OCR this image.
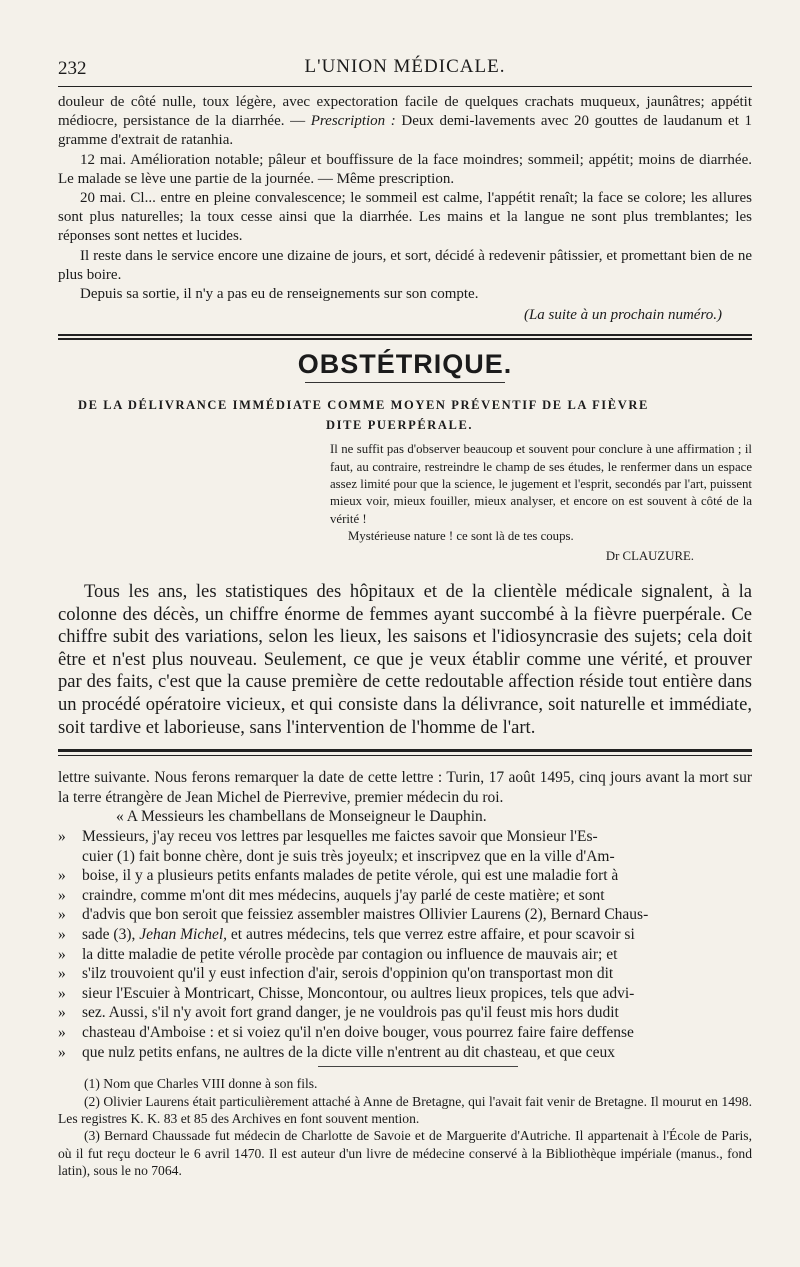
232	L'UNION MÉDICALE.

douleur de côté nulle, toux légère, avec expectoration facile de quelques crachats muqueux, jaunâtres; appétit médiocre, persistance de la diarrhée. — Prescription : Deux demi-lavements avec 20 gouttes de laudanum et 1 gramme d'extrait de ratanhia.

12 mai. Amélioration notable; pâleur et bouffissure de la face moindres; sommeil; appétit; moins de diarrhée. Le malade se lève une partie de la journée. — Même prescription.

20 mai. Cl... entre en pleine convalescence; le sommeil est calme, l'appétit renaît; la face se colore; les allures sont plus naturelles; la toux cesse ainsi que la diarrhée. Les mains et la langue ne sont plus tremblantes; les réponses sont nettes et lucides.

Il reste dans le service encore une dizaine de jours, et sort, décidé à redevenir pâtissier, et promettant bien de ne plus boire.

Depuis sa sortie, il n'y a pas eu de renseignements sur son compte.

(La suite à un prochain numéro.)
OBSTÉTRIQUE.
DE LA DÉLIVRANCE IMMÉDIATE COMME MOYEN PRÉVENTIF DE LA FIÈVRE
DITE PUERPÉRALE.

Il ne suffit pas d'observer beaucoup et souvent pour conclure à une affirmation ; il faut, au contraire, restreindre le champ de ses études, le renfermer dans un espace assez limité pour que la science, le jugement et l'esprit, secondés par l'art, puissent mieux voir, mieux fouiller, mieux analyser, et encore on est souvent à côté de la vérité !

Mystérieuse nature ! ce sont là de tes coups.

Dr CLAUZURE.

Tous les ans, les statistiques des hôpitaux et de la clientèle médicale signalent, à la colonne des décès, un chiffre énorme de femmes ayant succombé à la fièvre puerpérale. Ce chiffre subit des variations, selon les lieux, les saisons et l'idiosyncrasie des sujets; cela doit être et n'est plus nouveau. Seulement, ce que je veux établir comme une vérité, et prouver par des faits, c'est que la cause première de cette redoutable affection réside tout entière dans un procédé opératoire vicieux, et qui consiste dans la délivrance, soit naturelle et immédiate, soit tardive et laborieuse, sans l'intervention de l'homme de l'art.

lettre suivante. Nous ferons remarquer la date de cette lettre : Turin, 17 août 1495, cinq jours avant la mort sur la terre étrangère de Jean Michel de Pierrevive, premier médecin du roi.

« A Messieurs les chambellans de Monseigneur le Dauphin.

» Messieurs, j'ay receu vos lettres par lesquelles me faictes savoir que Monsieur l'Es-

cuier (1) fait bonne chère, dont je suis très joyeulx; et inscripvez que en la ville d'Am-

» boise, il y a plusieurs petits enfants malades de petite vérole, qui est une maladie fort à

» craindre, comme m'ont dit mes médecins, auquels j'ay parlé de ceste matière; et sont

» d'advis que bon seroit que feissiez assembler maistres Ollivier Laurens (2), Bernard Chaus-

» sade (3), Jehan Michel, et autres médecins, tels que verrez estre affaire, et pour scavoir si

» la ditte maladie de petite vérolle procède par contagion ou influence de mauvais air; et

» s'ilz trouvoient qu'il y eust infection d'air, serois d'oppinion qu'on transportast mon dit

» sieur l'Escuier à Montricart, Chisse, Moncontour, ou aultres lieux propices, tels que advi-

» sez. Aussi, s'il n'y avoit fort grand danger, je ne vouldrois pas qu'il feust mis hors dudit

» chasteau d'Amboise : et si voiez qu'il n'en doive bouger, vous pourrez faire faire deffense

» que nulz petits enfans, ne aultres de la dicte ville n'entrent au dit chasteau, et que ceux

(1) Nom que Charles VIII donne à son fils.

(2) Olivier Laurens était particulièrement attaché à Anne de Bretagne, qui l'avait fait venir de Bretagne. Il mourut en 1498. Les registres K. K. 83 et 85 des Archives en font souvent mention.

(3) Bernard Chaussade fut médecin de Charlotte de Savoie et de Marguerite d'Autriche. Il appartenait à l'École de Paris, où il fut reçu docteur le 6 avril 1470. Il est auteur d'un livre de médecine conservé à la Bibliothèque impériale (manus., fond latin), sous le no 7064.
